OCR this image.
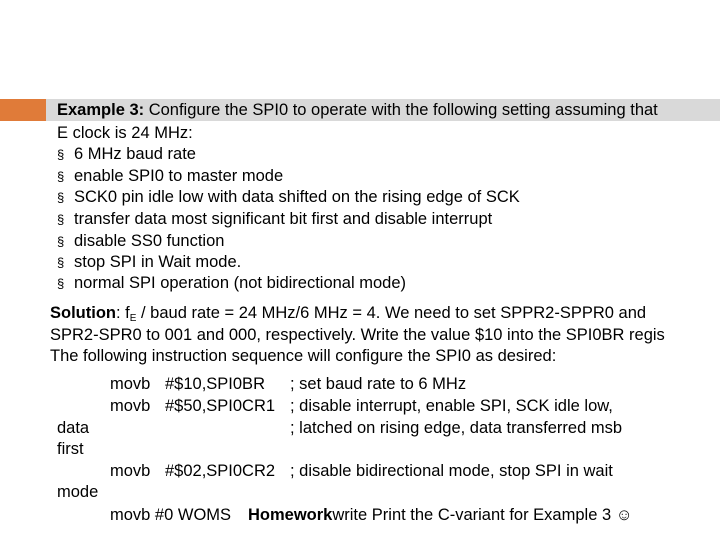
Example 3: Configure the SPI0 to operate with the following setting assuming that
E clock is 24 MHz:
§ 6 MHz baud rate
§ enable SPI0 to master mode
§ SCK0 pin idle low with data shifted on the rising edge of SCK
§ transfer data most significant bit first and disable interrupt
§ disable SS0 function
§ stop SPI in Wait mode.
§ normal SPI operation (not bidirectional mode)
Solution: $f_E$ / baud rate = 24 MHz/6 MHz = 4. We need to set SPPR2-SPPR0 and
SPR2-SPR0 to 001 and 000, respectively. Write the value $10 into the SPI0BR regis
The following instruction sequence will configure the SPI0 as desired:
movb #$10,SPI0BR ; set baud rate to 6 MHz
movb #$50,SPI0CR1 ; disable interrupt, enable SPI, SCK idle low,
data	; latched on rising edge, data transferred msb
first
movb #$02,SPI0CR2 ; disable bidirectional mode, stop SPI in wait
mode
movb #0 WOMS Homeworkwrite Print the C-variant for Example 3 ☺
